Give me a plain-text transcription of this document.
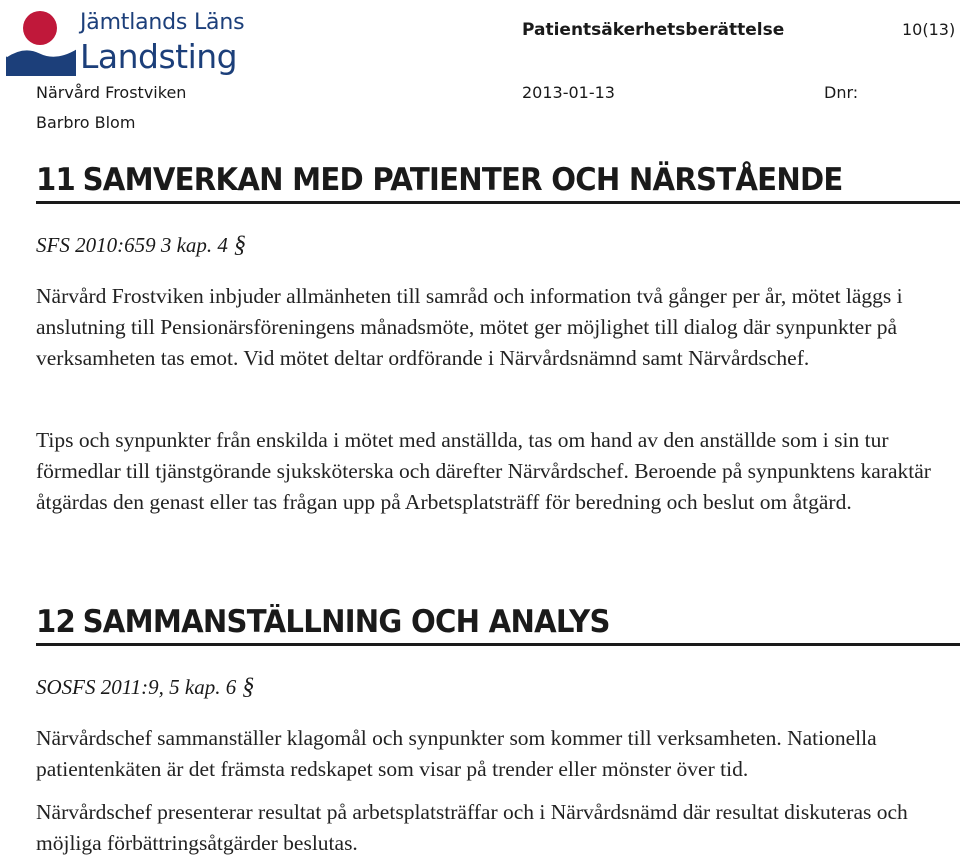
Jämtlands Läns
Landsting
Patientsäkerhetsberättelse	10(13)
Närvård Frostviken	2013-01-13	Dnr:
Barbro Blom
11 SAMVERKAN MED PATIENTER OCH NÄRSTÅENDE
SFS 2010:659 3 kap. 4 §
Närvård Frostviken inbjuder allmänheten till samråd och information två gånger per år, mötet läggs i anslutning till Pensionärsföreningens månadsmöte, mötet ger möjlighet till dialog där synpunkter på verksamheten tas emot. Vid mötet deltar ordförande i Närvårdsnämnd samt Närvårdschef.
Tips och synpunkter från enskilda i mötet med anställda, tas om hand av den anställde som i sin tur förmedlar till tjänstgörande sjuksköterska och därefter Närvårdschef. Beroende på synpunktens karaktär åtgärdas den genast eller tas frågan upp på Arbetsplatsträff för beredning och beslut om åtgärd.
12 SAMMANSTÄLLNING OCH ANALYS
SOSFS 2011:9, 5 kap. 6 §
Närvårdschef sammanställer klagomål och synpunkter som kommer till verksamheten. Nationella patientenkäten är det främsta redskapet som visar på trender eller mönster över tid.
Närvårdschef presenterar resultat på arbetsplatsträffar och i Närvårdsnämd där resultat diskuteras och möjliga förbättringsåtgärder beslutas.
